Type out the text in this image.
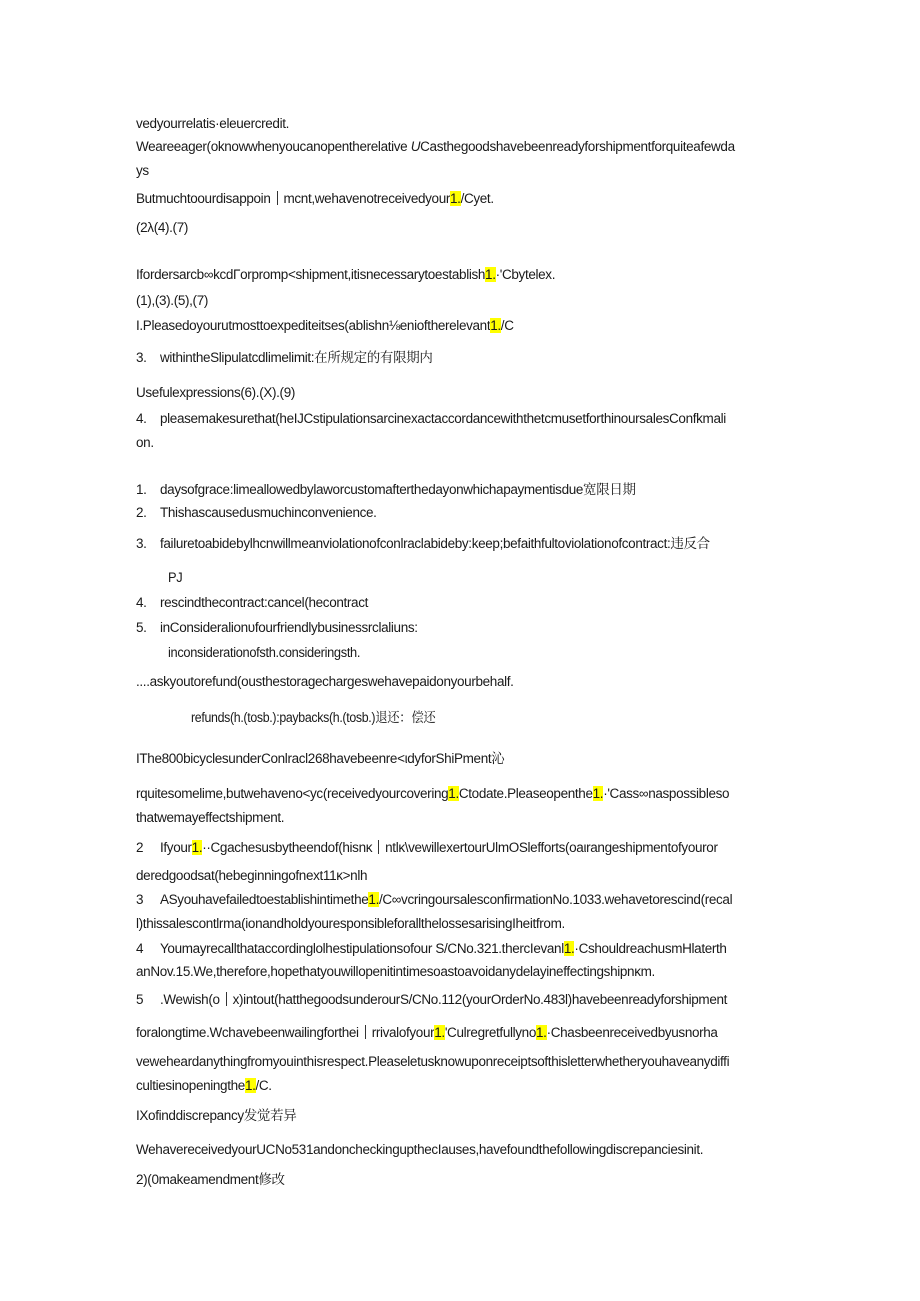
vedyourrelatis·eleuercredit.
Weareeager(oknowwhenyoucanopentherelative UCasthegoodshavebeenreadyforshipmentforquiteafewda
ys
Butmuchtoourdisappoin mcnt,wehavenotreceivedyour1./Cyet.
(2λ(4).(7)
Ifordersarcb∞kcdΓorpromp<shipment,itisnecessarytoestablish1.·'Cbytelex.
(1),(3).(5),(7)
I.Pleasedoyourutmosttoexpediteitses(ablishn⅛enioftherelevant1./C
3. withintheSlipulatcdlimelimit:在所规定的有限期内
Usefulexpressions(6).(X).(9)
4. pleasemakesurethat(heIJCstipulationsarcinexactaccordancewiththetcmusetforthinoursalesConfkmali
on.
1. daysofgrace:limeallowedbylaworcustomafterthedayonwhichapaymentisdue宽限日期
2. Thishascausedusmuchinconvenience.
3. failuretoabidebylhcnwillmeanviolationofconlraclabideby:keep;befaithfultoviolationofcontract:违反合
PJ
4. rescindthecontract:cancel(hecontract
5. inConsideralionυfourfriendlybusinessrclaliuns:
inconsiderationofsth.consideringsth.
....askyoutorefund(ousthestoragechargeswehavepaidonyourbehalf.
refunds(h.(tosb.):paybacks(h.(tosb.)退还：偿还
IThe800bicyclesunderConlracl268havebeenre<ιdyforShiPment沁
rquitesomelime,butwehaveno<yc(receivedyourcovering1.Ctodate.Pleaseopenthe1.·'Cass∞naspossibleso
thatwemayeffectshipment.
2 Ifyour1.··Cgachesusbytheendof(hisnκ ntlκ\vewillexertourUlmOSlefforts(oaιrangeshipmentofyouror
deredgoodsat(hebeginningofnext11κ>nlh
3 ASyouhavefailedtoestablishintimethe1./C∞vcringoursalesconfirmationNo.1033.wehavetorescind(recal
l)thissalescontlrma(ionandholdyouresponsibleforallthelossesarisingIheitfrom.
4 Youmayrecallthataccordinglolhestipulationsofour S/CNo.321.thercIevanl1.·CshouldreachusmHlaterth
anNov.15.We,therefore,hopethatyouwillopenitintimesoastoavoidanydelayineffectingshipnκm.
5 .Wewish(o x)intout(hatthegoodsunderourS/CNo.112(yourOrderNo.483l)havebeenreadyforshipment
foralongtime.Wchavebeenwailingforthei rrivalofyour1.'Culregretfullyno1.·Chasbeenreceivedbyusnorha
veweheardanythingfromyouinthisrespect.Pleaseletusknowuponreceiptsofthisletterwhetheryouhaveanydiffi
cultiesinopeningthe1./C.
IXofinddiscrepancy发觉若异
WehavereceivedyourUCNo531andoncheckingupthecIauses,havefoundthefollowingdiscrepanciesinit.
2)(0makeamendment修改
